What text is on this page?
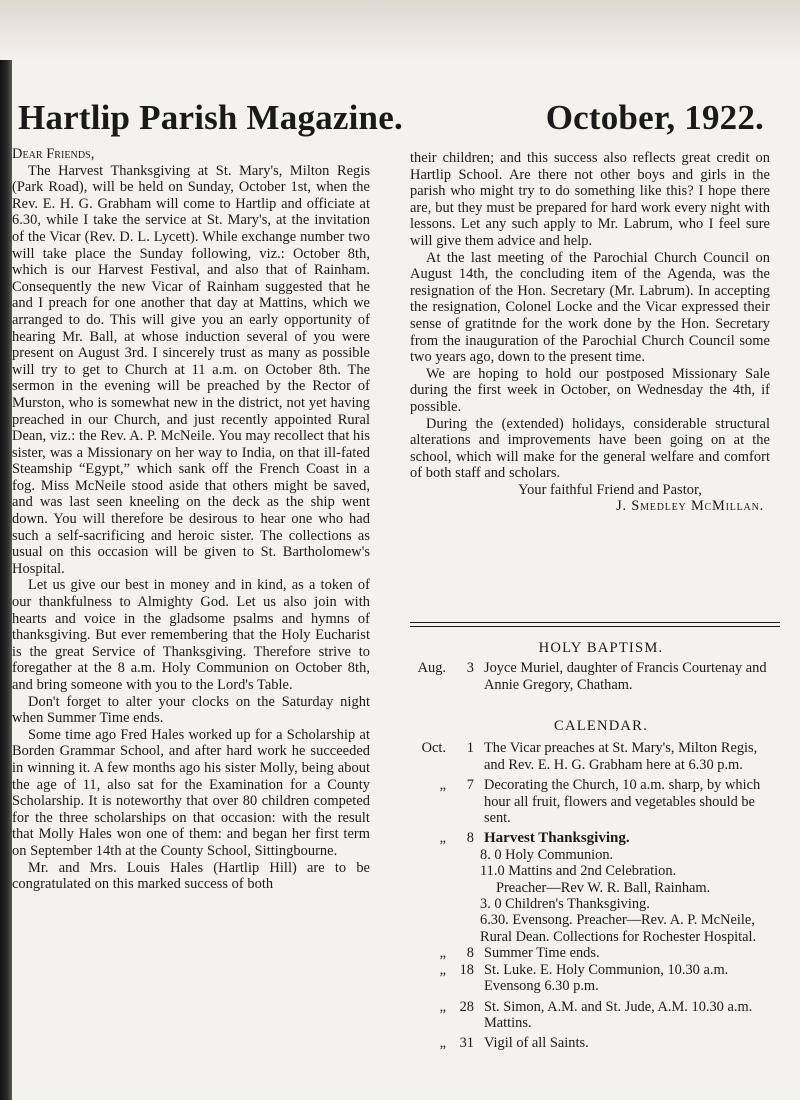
Hartlip Parish Magazine.	October, 1922.

Dear Friends,

The Harvest Thanksgiving at St. Mary's, Milton Regis (Park Road), will be held on Sunday, October 1st, when the Rev. E. H. G. Grabham will come to Hartlip and officiate at 6.30, while I take the service at St. Mary's, at the invitation of the Vicar (Rev. D. L. Lycett). While exchange number two will take place the Sunday following, viz.: October 8th, which is our Harvest Festival, and also that of Rainham. Consequently the new Vicar of Rainham suggested that he and I preach for one another that day at Mattins, which we arranged to do. This will give you an early opportunity of hearing Mr. Ball, at whose induction several of you were present on August 3rd. I sincerely trust as many as possible will try to get to Church at 11 a.m. on October 8th. The sermon in the evening will be preached by the Rector of Murston, who is somewhat new in the district, not yet having preached in our Church, and just recently appointed Rural Dean, viz.: the Rev. A. P. McNeile. You may recollect that his sister, was a Missionary on her way to India, on that ill-fated Steamship “Egypt,” which sank off the French Coast in a fog. Miss McNeile stood aside that others might be saved, and was last seen kneeling on the deck as the ship went down. You will therefore be desirous to hear one who had such a self-sacrificing and heroic sister. The collections as usual on this occasion will be given to St. Bartholomew's Hospital.

Let us give our best in money and in kind, as a token of our thankfulness to Almighty God. Let us also join with hearts and voice in the gladsome psalms and hymns of thanksgiving. But ever remembering that the Holy Eucharist is the great Service of Thanksgiving. Therefore strive to foregather at the 8 a.m. Holy Communion on October 8th, and bring someone with you to the Lord's Table.

Don't forget to alter your clocks on the Saturday night when Summer Time ends.

Some time ago Fred Hales worked up for a Scholarship at Borden Grammar School, and after hard work he succeeded in winning it. A few months ago his sister Molly, being about the age of 11, also sat for the Examination for a County Scholarship. It is noteworthy that over 80 children competed for the three scholarships on that occasion: with the result that Molly Hales won one of them: and began her first term on September 14th at the County School, Sittingbourne.

Mr. and Mrs. Louis Hales (Hartlip Hill) are to be congratulated on this marked success of both

their children; and this success also reflects great credit on Hartlip School. Are there not other boys and girls in the parish who might try to do something like this? I hope there are, but they must be prepared for hard work every night with lessons. Let any such apply to Mr. Labrum, who I feel sure will give them advice and help.

At the last meeting of the Parochial Church Council on August 14th, the concluding item of the Agenda, was the resignation of the Hon. Secretary (Mr. Labrum). In accepting the resignation, Colonel Locke and the Vicar expressed their sense of gratitnde for the work done by the Hon. Secretary from the inauguration of the Parochial Church Council some two years ago, down to the present time.

We are hoping to hold our postposed Missionary Sale during the first week in October, on Wednesday the 4th, if possible.

During the (extended) holidays, considerable structural alterations and improvements have been going on at the school, which will make for the general welfare and comfort of both staff and scholars.

Your faithful Friend and Pastor,

J. Smedley McMillan.

HOLY BAPTISM.
Aug.	3 Joyce Muriel, daughter of Francis Courtenay and Annie Gregory, Chatham.
CALENDAR.
Oct.	1 The Vicar preaches at St. Mary's, Milton Regis, and Rev. E. H. G. Grabham here at 6.30 p.m.
„	7 Decorating the Church, 10 a.m. sharp, by which hour all fruit, flowers and vegetables should be sent.
„	8 Harvest Thanksgiving.
8. 0 Holy Communion.
11.0 Mattins and 2nd Celebration.
Preacher—Rev W. R. Ball, Rainham.
3. 0 Children's Thanksgiving.
6.30. Evensong. Preacher—Rev. A. P. McNeile, Rural Dean. Collections for Rochester Hospital.
„	8 Summer Time ends.
„ 18 St. Luke. E. Holy Communion, 10.30 a.m. Evensong 6.30 p.m.
„ 28 St. Simon, A.M. and St. Jude, A.M. 10.30 a.m. Mattins.
„ 31 Vigil of all Saints.
